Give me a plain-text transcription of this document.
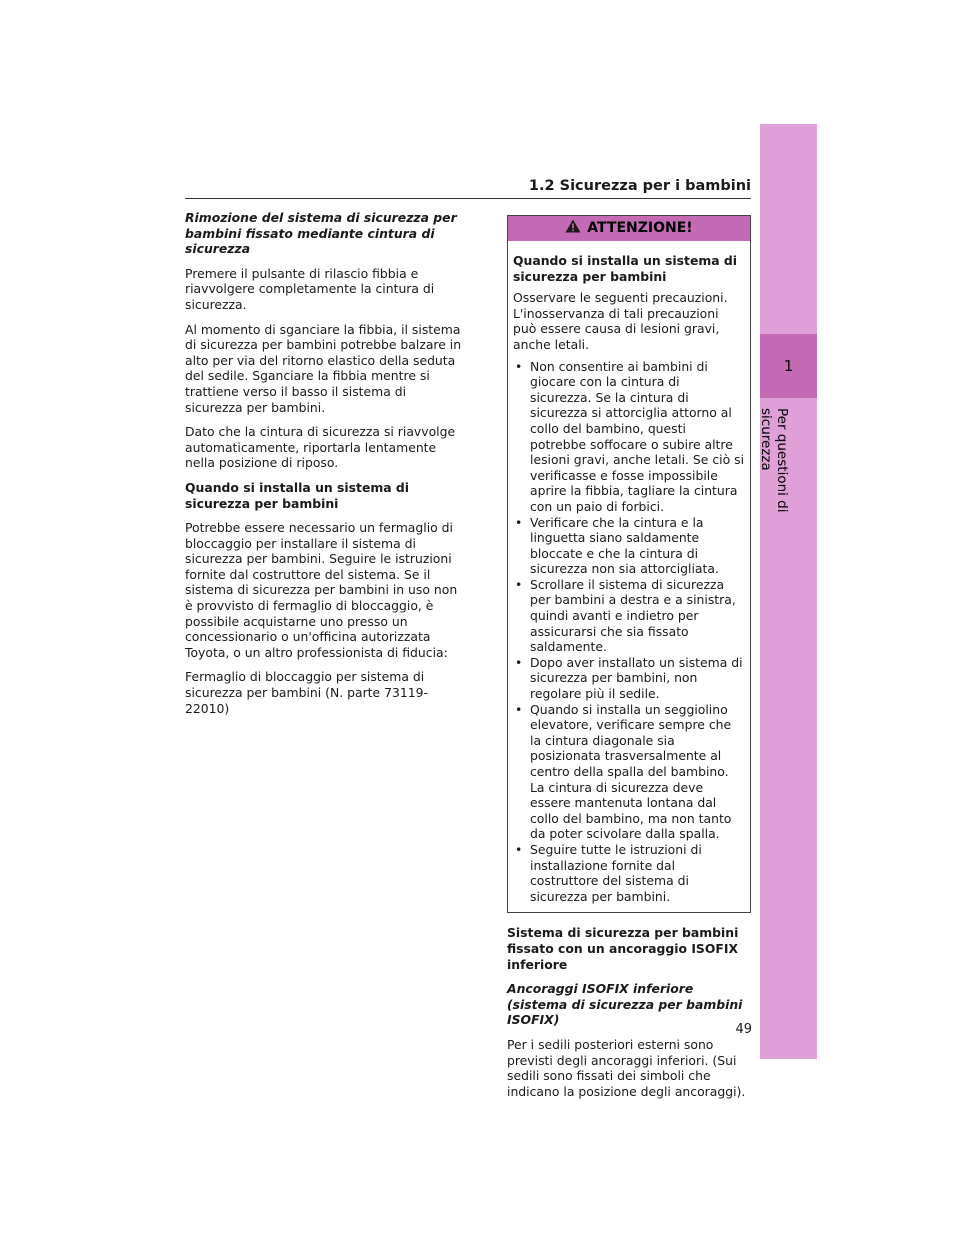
1
Per questioni di sicurezza
1.2 Sicurezza per i bambini

Rimozione del sistema di sicurezza per bambini fissato mediante cintura di sicurezza

Premere il pulsante di rilascio fibbia e riavvolgere completamente la cintura di sicurezza.

Al momento di sganciare la fibbia, il sistema di sicurezza per bambini potrebbe balzare in alto per via del ritorno elastico della seduta del sedile. Sganciare la fibbia mentre si trattiene verso il basso il sistema di sicurezza per bambini.

Dato che la cintura di sicurezza si riavvolge automaticamente, riportarla lentamente nella posizione di riposo.

Quando si installa un sistema di sicurezza per bambini

Potrebbe essere necessario un fermaglio di bloccaggio per installare il sistema di sicurezza per bambini. Seguire le istruzioni fornite dal costruttore del sistema. Se il sistema di sicurezza per bambini in uso non è provvisto di fermaglio di bloccaggio, è possibile acquistarne uno presso un concessionario o un'officina autorizzata Toyota, o un altro professionista di fiducia:

Fermaglio di bloccaggio per sistema di sicurezza per bambini (N. parte 73119-22010)

ATTENZIONE!

Quando si installa un sistema di sicurezza per bambini

Osservare le seguenti precauzioni. L'inosservanza di tali precauzioni può essere causa di lesioni gravi, anche letali.

• Non consentire ai bambini di giocare con la cintura di sicurezza. Se la cintura di sicurezza si attorciglia attorno al collo del bambino, questi potrebbe soffocare o subire altre lesioni gravi, anche letali. Se ciò si verificasse e fosse impossibile aprire la fibbia, tagliare la cintura con un paio di forbici.
• Verificare che la cintura e la linguetta siano saldamente bloccate e che la cintura di sicurezza non sia attorcigliata.
• Scrollare il sistema di sicurezza per bambini a destra e a sinistra, quindi avanti e indietro per assicurarsi che sia fissato saldamente.
• Dopo aver installato un sistema di sicurezza per bambini, non regolare più il sedile.
• Quando si installa un seggiolino elevatore, verificare sempre che la cintura diagonale sia posizionata trasversalmente al centro della spalla del bambino. La cintura di sicurezza deve essere mantenuta lontana dal collo del bambino, ma non tanto da poter scivolare dalla spalla.
• Seguire tutte le istruzioni di installazione fornite dal costruttore del sistema di sicurezza per bambini.

Sistema di sicurezza per bambini fissato con un ancoraggio ISOFIX inferiore

Ancoraggi ISOFIX inferiore (sistema di sicurezza per bambini ISOFIX)

Per i sedili posteriori esterni sono previsti degli ancoraggi inferiori. (Sui sedili sono fissati dei simboli che indicano la posizione degli ancoraggi).

49
